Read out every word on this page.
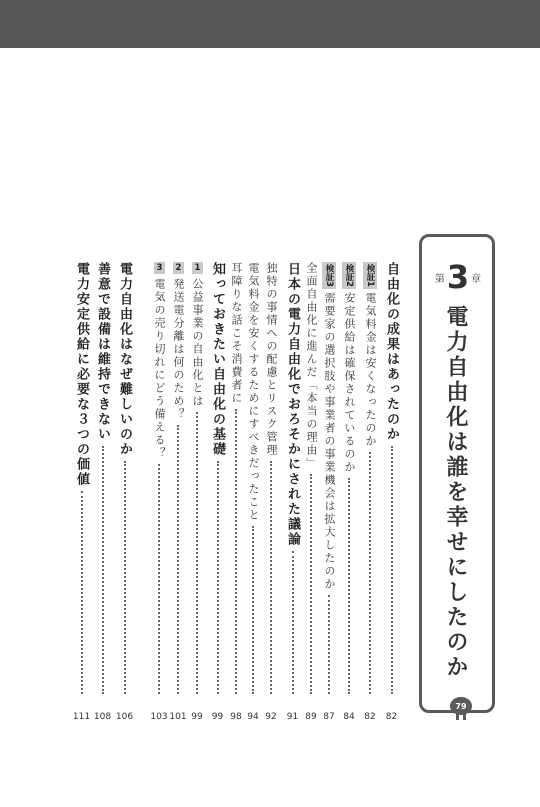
第 3 章
電力自由化は誰を幸せにしたのか
79
自由化の成果はあったのか
82
検証1
電気料金は安くなったのか
82
検証2
安定供給は確保されているのか
84
検証3
需要家の選択肢や事業者の事業機会は拡大したのか
87
全面自由化に進んだ「本当の理由」
89
日本の電力自由化でおろそかにされた議論
91
独特の事情への配慮とリスク管理
92
電気料金を安くするためにすべきだったこと
94
耳障りな話こそ消費者に
98
知っておきたい自由化の基礎
99
1
公益事業の自由化とは
99
2
発送電分離は何のため？
101
3
電気の売り切れにどう備える？
103
電力自由化はなぜ難しいのか
106
善意で設備は維持できない
108
電力安定供給に必要な３つの価値
111
